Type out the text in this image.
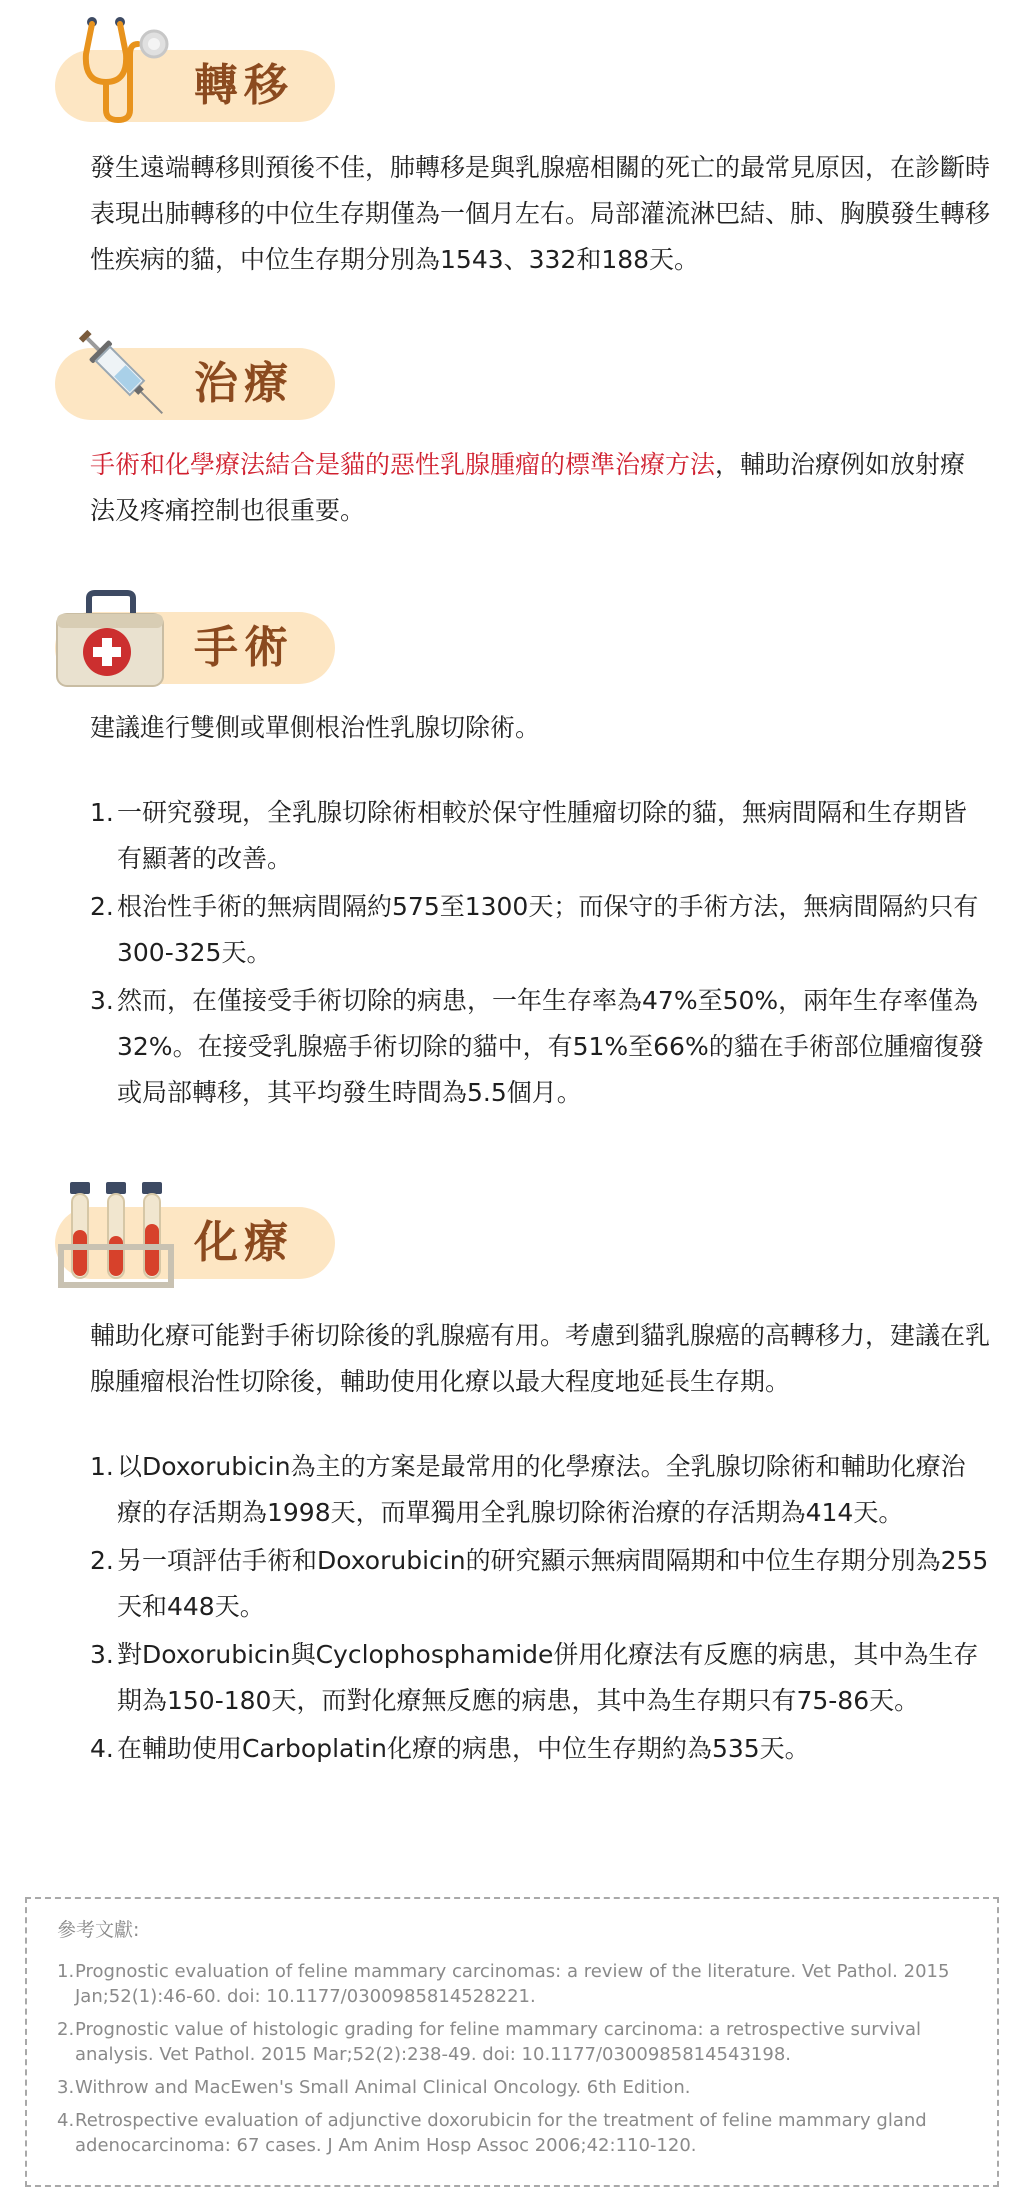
轉移

發生遠端轉移則預後不佳，肺轉移是與乳腺癌相關的死亡的最常見原因，在診斷時表現出肺轉移的中位生存期僅為一個月左右。局部灌流淋巴結、肺、胸膜發生轉移性疾病的貓，中位生存期分別為1543、332和188天。

治療

手術和化學療法結合是貓的惡性乳腺腫瘤的標準治療方法，輔助治療例如放射療法及疼痛控制也很重要。

手術

建議進行雙側或單側根治性乳腺切除術。

1. 一研究發現，全乳腺切除術相較於保守性腫瘤切除的貓，無病間隔和生存期皆有顯著的改善。
2. 根治性手術的無病間隔約575至1300天；而保守的手術方法，無病間隔約只有300-325天。
3. 然而，在僅接受手術切除的病患，一年生存率為47%至50%，兩年生存率僅為32%。在接受乳腺癌手術切除的貓中，有51%至66%的貓在手術部位腫瘤復發或局部轉移，其平均發生時間為5.5個月。
化療

輔助化療可能對手術切除後的乳腺癌有用。考慮到貓乳腺癌的高轉移力，建議在乳腺腫瘤根治性切除後，輔助使用化療以最大程度地延長生存期。

1. 以Doxorubicin為主的方案是最常用的化學療法。全乳腺切除術和輔助化療治療的存活期為1998天，而單獨用全乳腺切除術治療的存活期為414天。
2. 另一項評估手術和Doxorubicin的研究顯示無病間隔期和中位生存期分別為255天和448天。
3. 對Doxorubicin與Cyclophosphamide併用化療法有反應的病患，其中為生存期為150-180天，而對化療無反應的病患，其中為生存期只有75-86天。
4. 在輔助使用Carboplatin化療的病患，中位生存期約為535天。
參考文獻:
1. Prognostic evaluation of feline mammary carcinomas: a review of the literature. Vet Pathol. 2015 Jan;52(1):46-60. doi: 10.1177/0300985814528221.
2. Prognostic value of histologic grading for feline mammary carcinoma: a retrospective survival analysis. Vet Pathol. 2015 Mar;52(2):238-49. doi: 10.1177/0300985814543198.
3. Withrow and MacEwen's Small Animal Clinical Oncology. 6th Edition.
4. Retrospective evaluation of adjunctive doxorubicin for the treatment of feline mammary gland adenocarcinoma: 67 cases. J Am Anim Hosp Assoc 2006;42:110-120.
